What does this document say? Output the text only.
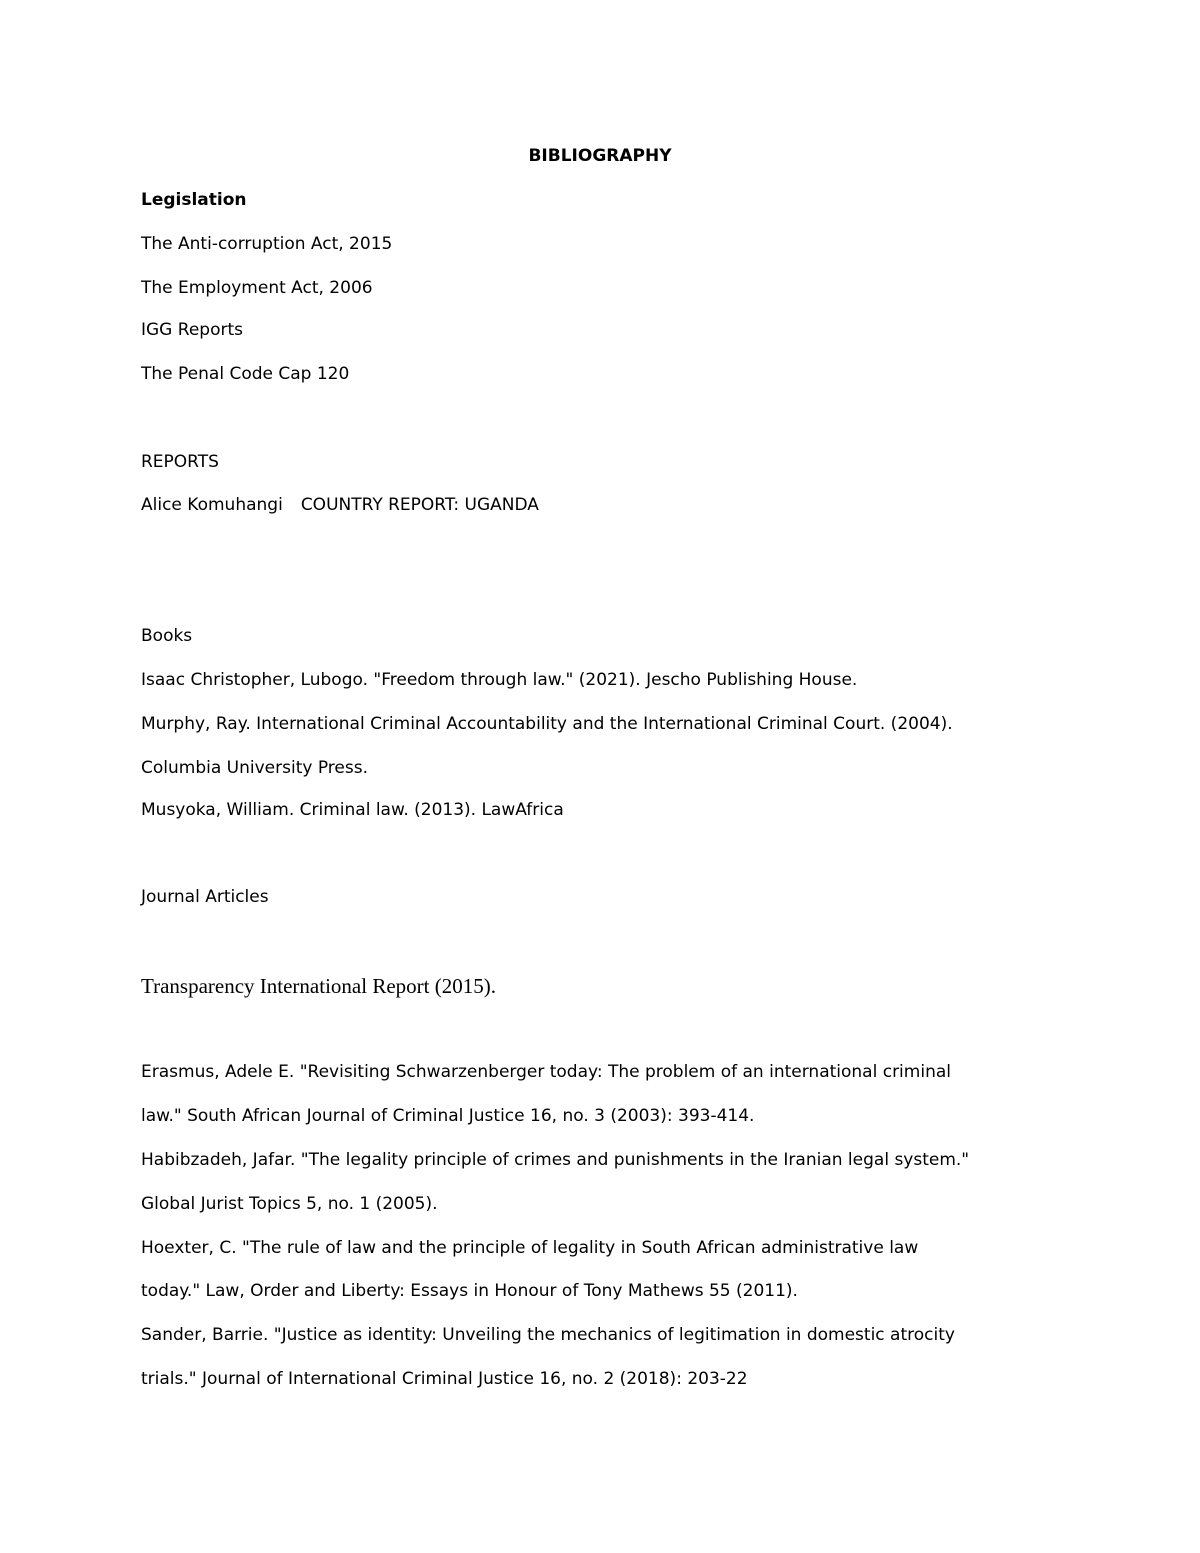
BIBLIOGRAPHY

Legislation

The Anti-corruption Act, 2015

The Employment Act, 2006

IGG Reports

The Penal Code Cap 120

REPORTS

Alice Komuhangi COUNTRY REPORT: UGANDA

Books

Isaac Christopher, Lubogo. "Freedom through law." (2021). Jescho Publishing House.

Murphy, Ray. International Criminal Accountability and the International Criminal Court. (2004).

Columbia University Press.

Musyoka, William. Criminal law. (2013). LawAfrica

Journal Articles

Transparency International Report (2015).

Erasmus, Adele E. "Revisiting Schwarzenberger today: The problem of an international criminal

law." South African Journal of Criminal Justice 16, no. 3 (2003): 393-414.

Habibzadeh, Jafar. "The legality principle of crimes and punishments in the Iranian legal system."

Global Jurist Topics 5, no. 1 (2005).

Hoexter, C. "The rule of law and the principle of legality in South African administrative law

today." Law, Order and Liberty: Essays in Honour of Tony Mathews 55 (2011).

Sander, Barrie. "Justice as identity: Unveiling the mechanics of legitimation in domestic atrocity

trials." Journal of International Criminal Justice 16, no. 2 (2018): 203-22
